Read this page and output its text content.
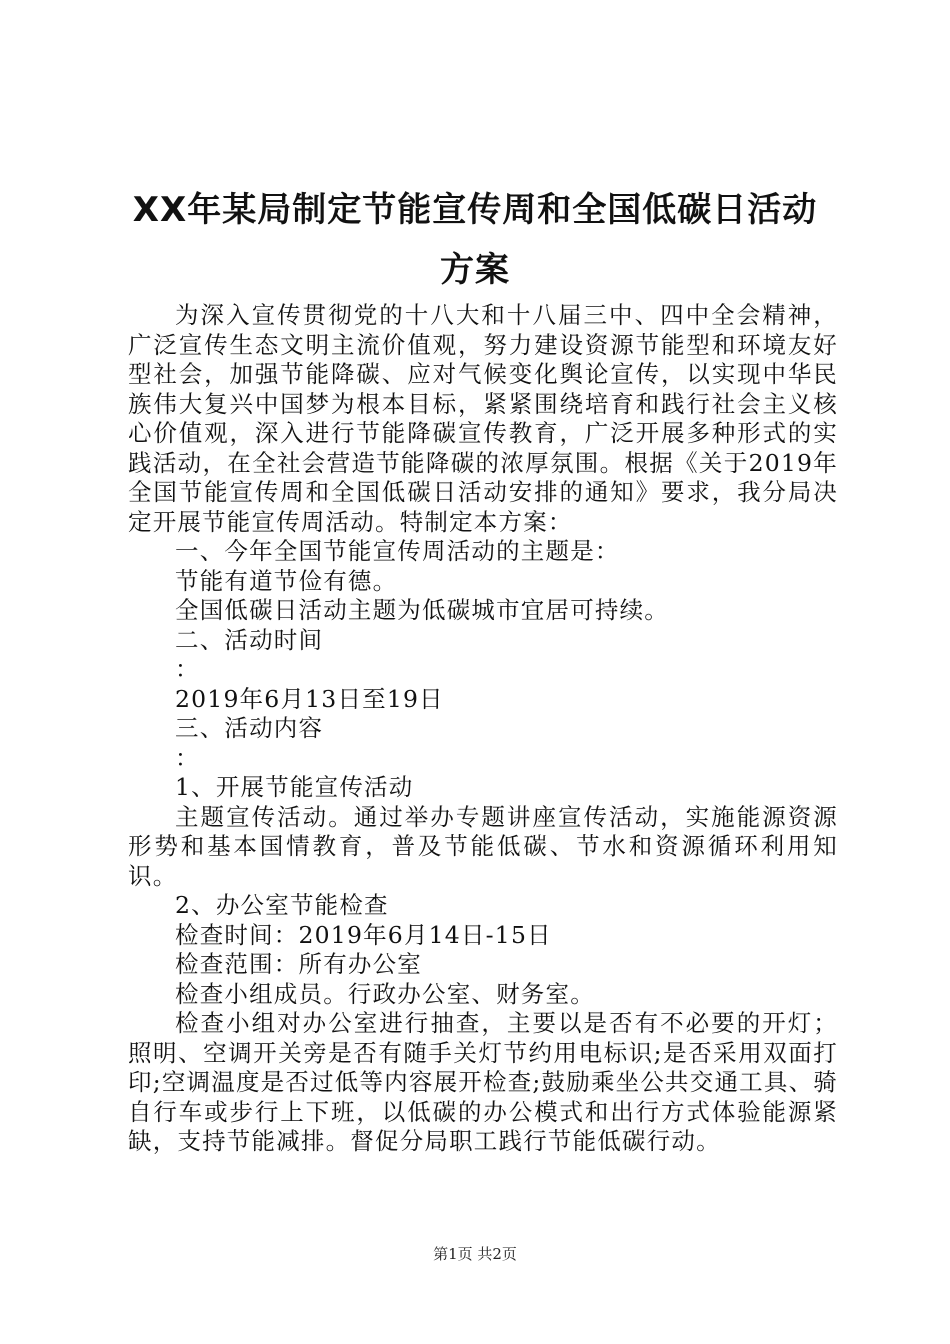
XX年某局制定节能宣传周和全国低碳日活动
方案

为深入宣传贯彻党的十八大和十八届三中、四中全会精神，广泛宣传生态文明主流价值观，努力建设资源节能型和环境友好型社会，加强节能降碳、应对气候变化舆论宣传，以实现中华民族伟大复兴中国梦为根本目标，紧紧围绕培育和践行社会主义核心价值观，深入进行节能降碳宣传教育，广泛开展多种形式的实践活动，在全社会营造节能降碳的浓厚氛围。根据《关于2019年全国节能宣传周和全国低碳日活动安排的通知》要求，我分局决定开展节能宣传周活动。特制定本方案：

一、今年全国节能宣传周活动的主题是：

节能有道节俭有德。

全国低碳日活动主题为低碳城市宜居可持续。

二、活动时间

：

2019年6月13日至19日

三、活动内容

：

1、开展节能宣传活动

主题宣传活动。通过举办专题讲座宣传活动，实施能源资源形势和基本国情教育，普及节能低碳、节水和资源循环利用知识。

2、办公室节能检查

检查时间：2019年6月14日-15日

检查范围：所有办公室

检查小组成员。行政办公室、财务室。

检查小组对办公室进行抽查，主要以是否有不必要的开灯；照明、空调开关旁是否有随手关灯节约用电标识;是否采用双面打印;空调温度是否过低等内容展开检查;鼓励乘坐公共交通工具、骑自行车或步行上下班，以低碳的办公模式和出行方式体验能源紧缺，支持节能减排。督促分局职工践行节能低碳行动。

第1页 共2页
